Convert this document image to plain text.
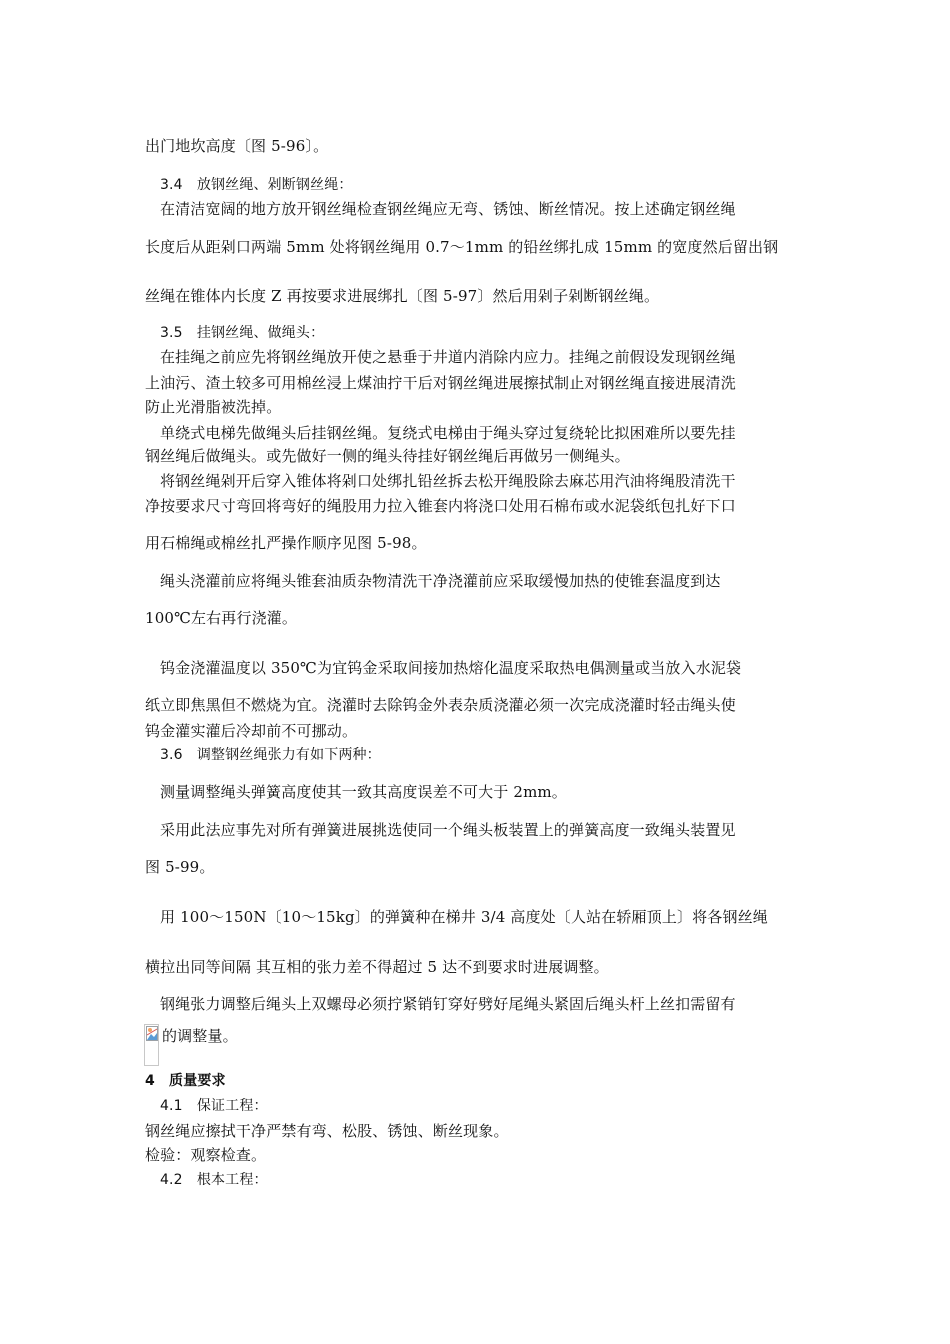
出门地坎高度〔图 5-96〕。
3.4　放钢丝绳、剁断钢丝绳：
在清洁宽阔的地方放开钢丝绳检查钢丝绳应无弯、锈蚀、断丝情况。按上述确定钢丝绳
长度后从距剁口两端 5mm 处将钢丝绳用 0.7～1mm 的铅丝绑扎成 15mm 的宽度然后留出钢
丝绳在锥体内长度 Z 再按要求进展绑扎〔图 5-97〕然后用剁子剁断钢丝绳。
3.5　挂钢丝绳、做绳头：
在挂绳之前应先将钢丝绳放开使之悬垂于井道内消除内应力。挂绳之前假设发现钢丝绳
上油污、渣土较多可用棉丝浸上煤油拧干后对钢丝绳进展擦拭制止对钢丝绳直接进展清洗
防止光滑脂被洗掉。
单绕式电梯先做绳头后挂钢丝绳。复绕式电梯由于绳头穿过复绕轮比拟困难所以要先挂
钢丝绳后做绳头。或先做好一侧的绳头待挂好钢丝绳后再做另一侧绳头。
将钢丝绳剁开后穿入锥体将剁口处绑扎铅丝拆去松开绳股除去麻芯用汽油将绳股清洗干
净按要求尺寸弯回将弯好的绳股用力拉入锥套内将浇口处用石棉布或水泥袋纸包扎好下口
用石棉绳或棉丝扎严操作顺序见图 5-98。
绳头浇灌前应将绳头锥套油质杂物清洗干净浇灌前应采取缓慢加热的使锥套温度到达
100℃左右再行浇灌。
钨金浇灌温度以 350℃为宜钨金采取间接加热熔化温度采取热电偶测量或当放入水泥袋
纸立即焦黑但不燃烧为宜。浇灌时去除钨金外表杂质浇灌必须一次完成浇灌时轻击绳头使
钨金灌实灌后冷却前不可挪动。
3.6　调整钢丝绳张力有如下两种：
测量调整绳头弹簧高度使其一致其高度误差不可大于 2mm。
采用此法应事先对所有弹簧进展挑选使同一个绳头板装置上的弹簧高度一致绳头装置见
图 5-99。
用 100～150N〔10～15kg〕的弹簧种在梯井 3/4 高度处〔人站在轿厢顶上〕将各钢丝绳
横拉出同等间隔 其互相的张力差不得超过 5 达不到要求时进展调整。
钢绳张力调整后绳头上双螺母必须拧紧销钉穿好劈好尾绳头紧固后绳头杆上丝扣需留有
的调整量。
4　质量要求
4.1　保证工程：
钢丝绳应擦拭干净严禁有弯、松股、锈蚀、断丝现象。
检验：观察检查。
4.2　根本工程：
